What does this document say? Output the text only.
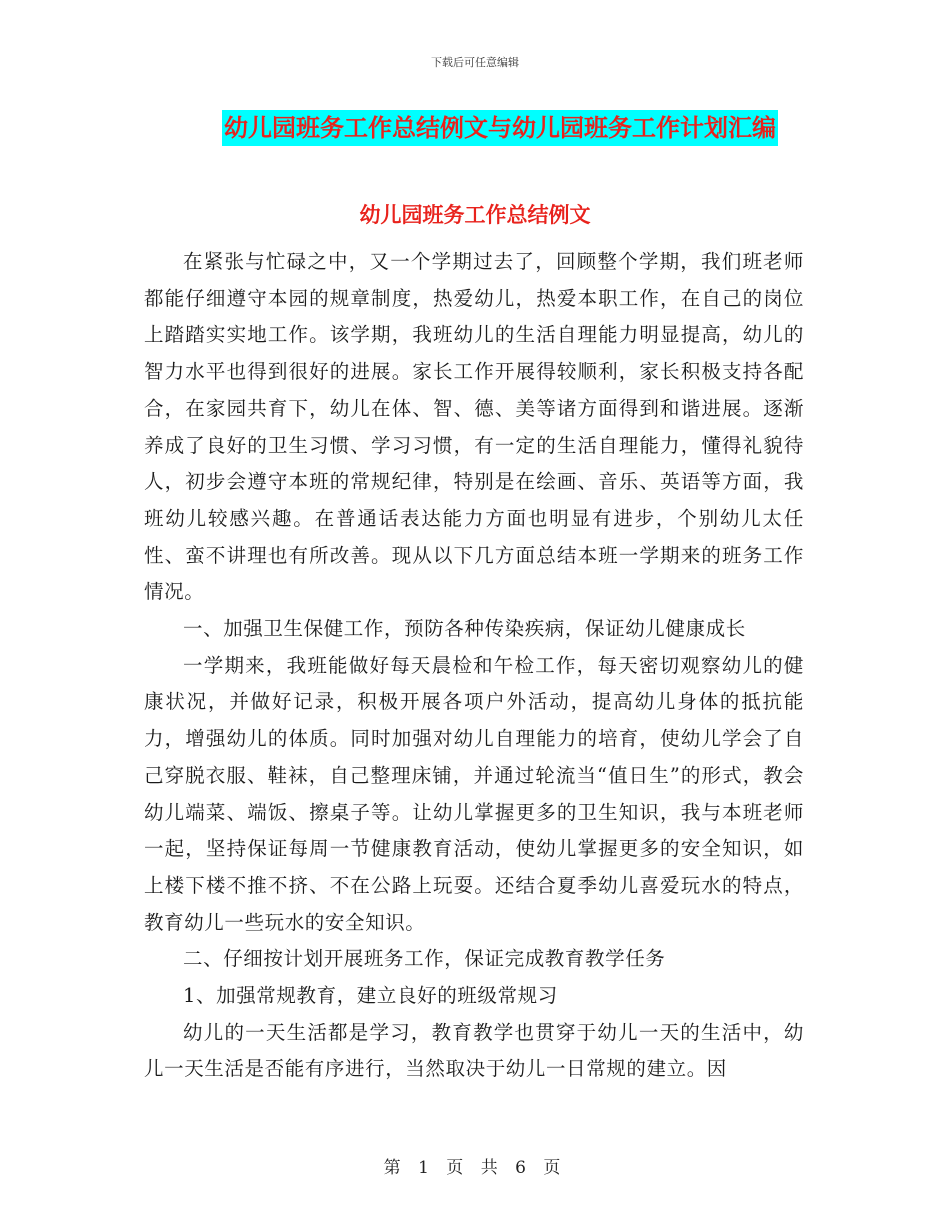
下载后可任意编辑
幼儿园班务工作总结例文与幼儿园班务工作计划汇编
幼儿园班务工作总结例文

在紧张与忙碌之中，又一个学期过去了，回顾整个学期，我们班老师都能仔细遵守本园的规章制度，热爱幼儿，热爱本职工作，在自己的岗位上踏踏实实地工作。该学期，我班幼儿的生活自理能力明显提高，幼儿的智力水平也得到很好的进展。家长工作开展得较顺利，家长积极支持各配合，在家园共育下，幼儿在体、智、德、美等诸方面得到和谐进展。逐渐养成了良好的卫生习惯、学习习惯，有一定的生活自理能力，懂得礼貌待人，初步会遵守本班的常规纪律，特别是在绘画、音乐、英语等方面，我班幼儿较感兴趣。在普通话表达能力方面也明显有进步，个别幼儿太任性、蛮不讲理也有所改善。现从以下几方面总结本班一学期来的班务工作情况。

一、加强卫生保健工作，预防各种传染疾病，保证幼儿健康成长

一学期来，我班能做好每天晨检和午检工作，每天密切观察幼儿的健康状况，并做好记录，积极开展各项户外活动，提高幼儿身体的抵抗能力，增强幼儿的体质。同时加强对幼儿自理能力的培育，使幼儿学会了自己穿脱衣服、鞋袜，自己整理床铺，并通过轮流当“值日生”的形式，教会幼儿端菜、端饭、擦桌子等。让幼儿掌握更多的卫生知识，我与本班老师一起，坚持保证每周一节健康教育活动，使幼儿掌握更多的安全知识，如上楼下楼不推不挤、不在公路上玩耍。还结合夏季幼儿喜爱玩水的特点，教育幼儿一些玩水的安全知识。

二、仔细按计划开展班务工作，保证完成教育教学任务

1、加强常规教育，建立良好的班级常规习

幼儿的一天生活都是学习，教育教学也贯穿于幼儿一天的生活中，幼儿一天生活是否能有序进行，当然取决于幼儿一日常规的建立。因

第 1 页 共 6 页
